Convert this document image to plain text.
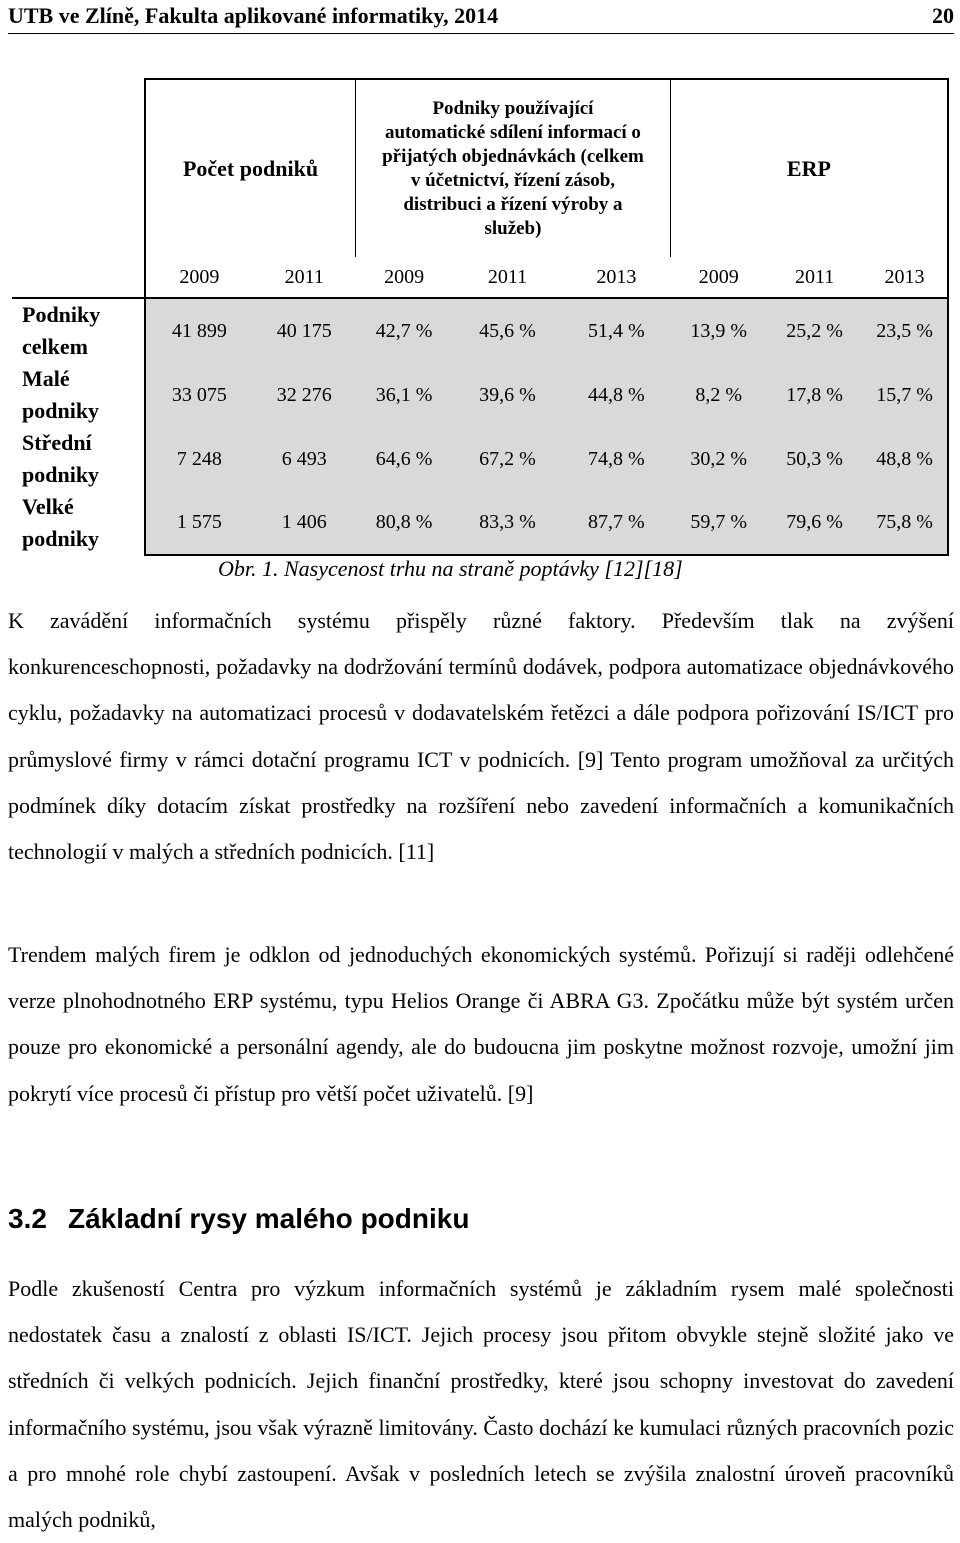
UTB ve Zlíně, Fakulta aplikované informatiky, 2014	20
	Počet podniků		Podniky používající automatické sdílení informací o přijatých objednávkách (celkem v účetnictví, řízení zásob, distribuci a řízení výroby a služeb)			ERP		
	2009	2011	2009	2011	2013	2009	2011	2013
Podniky celkem	41 899	40 175	42,7 %	45,6 %	51,4 %	13,9 %	25,2 %	23,5 %
Malé podniky	33 075	32 276	36,1 %	39,6 %	44,8 %	8,2 %	17,8 %	15,7 %
Střední podniky	7 248	6 493	64,6 %	67,2 %	74,8 %	30,2 %	50,3 %	48,8 %
Velké podniky	1 575	1 406	80,8 %	83,3 %	87,7 %	59,7 %	79,6 %	75,8 %
Obr. 1. Nasycenost trhu na straně poptávky [12][18]

K zavádění informačních systému přispěly různé faktory. Především tlak na zvýšení konkurenceschopnosti, požadavky na dodržování termínů dodávek, podpora automatizace objednávkového cyklu, požadavky na automatizaci procesů v dodavatelském řetězci a dále podpora pořizování IS/ICT pro průmyslové firmy v rámci dotační programu ICT v podnicích. [9] Tento program umožňoval za určitých podmínek díky dotacím získat prostředky na rozšíření nebo zavedení informačních a komunikačních technologií v malých a středních podnicích. [11]

Trendem malých firem je odklon od jednoduchých ekonomických systémů. Pořizují si raději odlehčené verze plnohodnotného ERP systému, typu Helios Orange či ABRA G3. Zpočátku může být systém určen pouze pro ekonomické a personální agendy, ale do budoucna jim poskytne možnost rozvoje, umožní jim pokrytí více procesů či přístup pro větší počet uživatelů. [9]

3.2 Základní rysy malého podniku

Podle zkušeností Centra pro výzkum informačních systémů je základním rysem malé společnosti nedostatek času a znalostí z oblasti IS/ICT. Jejich procesy jsou přitom obvykle stejně složité jako ve středních či velkých podnicích. Jejich finanční prostředky, které jsou schopny investovat do zavedení informačního systému, jsou však výrazně limitovány. Často dochází ke kumulaci různých pracovních pozic a pro mnohé role chybí zastoupení. Avšak v posledních letech se zvýšila znalostní úroveň pracovníků malých podniků,
